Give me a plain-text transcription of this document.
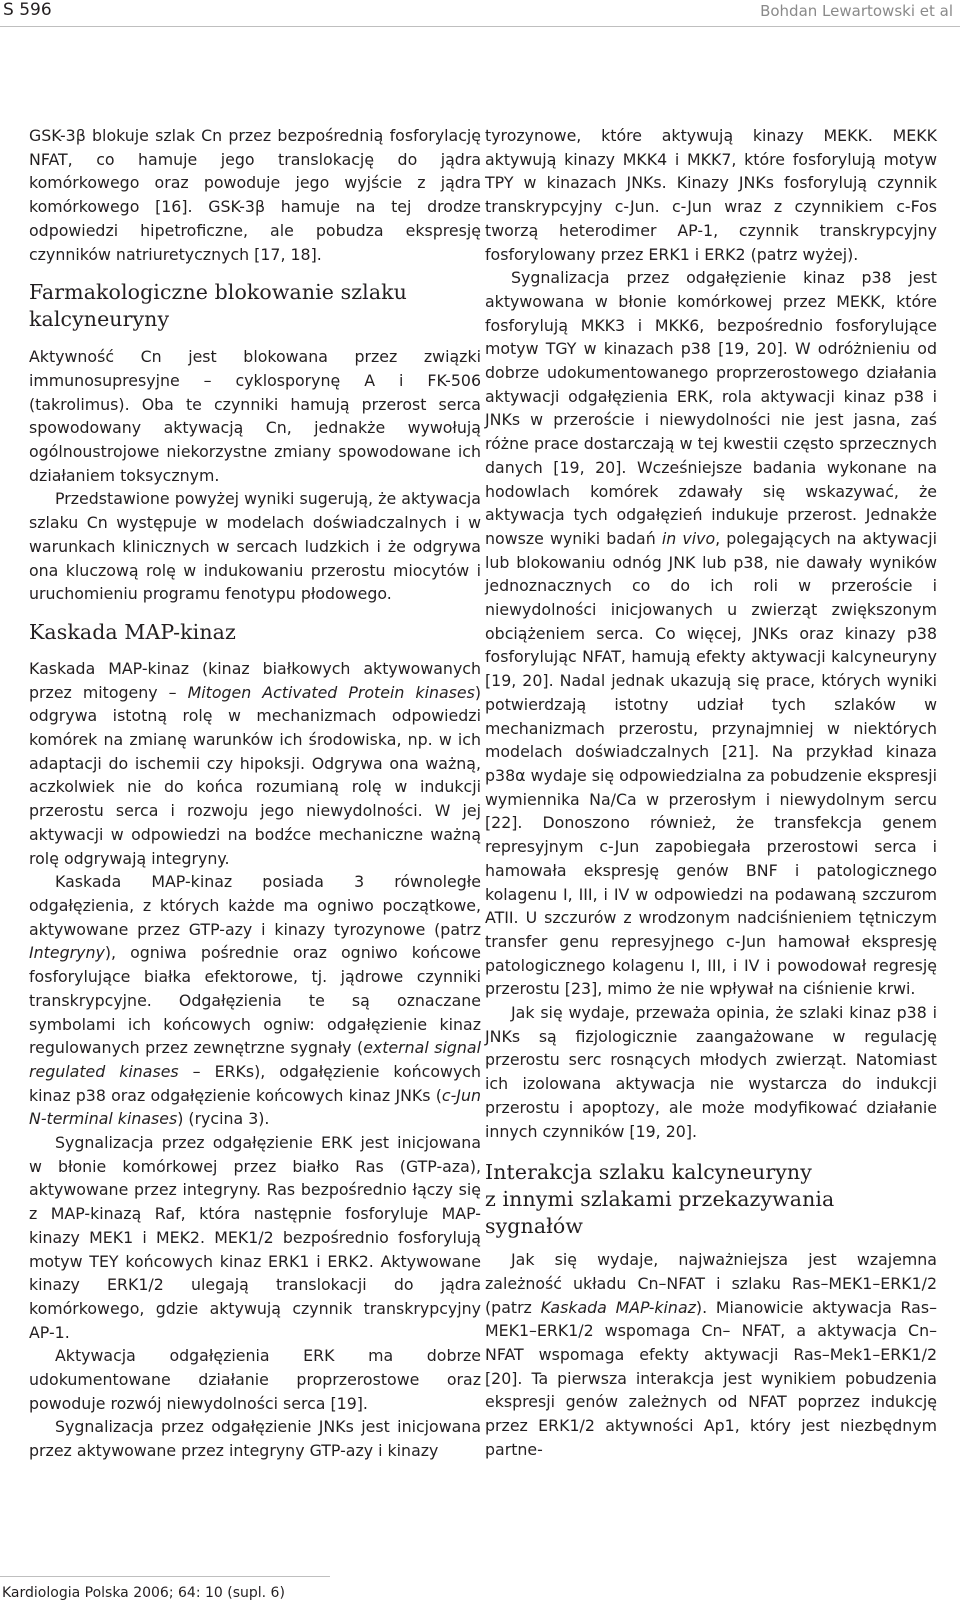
S 596	Bohdan Lewartowski et al

GSK-3β blokuje szlak Cn przez bezpośrednią fosforylację NFAT, co hamuje jego translokację do jądra komórkowego oraz powoduje jego wyjście z jądra komórkowego [16]. GSK-3β hamuje na tej drodze odpowiedzi hipetroficzne, ale pobudza ekspresję czynników natriuretycznych [17, 18].

Farmakologiczne blokowanie szlaku kalcyneuryny

Aktywność Cn jest blokowana przez związki immunosupresyjne – cyklosporynę A i FK-506 (takrolimus). Oba te czynniki hamują przerost serca spowodowany aktywacją Cn, jednakże wywołują ogólnoustrojowe niekorzystne zmiany spowodowane ich działaniem toksycznym.

Przedstawione powyżej wyniki sugerują, że aktywacja szlaku Cn występuje w modelach doświadczalnych i w warunkach klinicznych w sercach ludzkich i że odgrywa ona kluczową rolę w indukowaniu przerostu miocytów i uruchomieniu programu fenotypu płodowego.

Kaskada MAP-kinaz

Kaskada MAP-kinaz (kinaz białkowych aktywowanych przez mitogeny – Mitogen Activated Protein kinases) odgrywa istotną rolę w mechanizmach odpowiedzi komórek na zmianę warunków ich środowiska, np. w ich adaptacji do ischemii czy hipoksji. Odgrywa ona ważną, aczkolwiek nie do końca rozumianą rolę w indukcji przerostu serca i rozwoju jego niewydolności. W jej aktywacji w odpowiedzi na bodźce mechaniczne ważną rolę odgrywają integryny.

Kaskada MAP-kinaz posiada 3 równoległe odgałęzienia, z których każde ma ogniwo początkowe, aktywowane przez GTP-azy i kinazy tyrozynowe (patrz Integryny), ogniwa pośrednie oraz ogniwo końcowe fosforylujące białka efektorowe, tj. jądrowe czynniki transkrypcyjne. Odgałęzienia te są oznaczane symbolami ich końcowych ogniw: odgałęzienie kinaz regulowanych przez zewnętrzne sygnały (external signal regulated kinases – ERKs), odgałęzienie końcowych kinaz p38 oraz odgałęzienie końcowych kinaz JNKs (c-Jun N-terminal kinases) (rycina 3).

Sygnalizacja przez odgałęzienie ERK jest inicjowana w błonie komórkowej przez białko Ras (GTP-aza), aktywowane przez integryny. Ras bezpośrednio łączy się z MAP-kinazą Raf, która następnie fosforyluje MAP-kinazy MEK1 i MEK2. MEK1/2 bezpośrednio fosforylują motyw TEY końcowych kinaz ERK1 i ERK2. Aktywowane kinazy ERK1/2 ulegają translokacji do jądra komórkowego, gdzie aktywują czynnik transkrypcyjny AP-1.

Aktywacja odgałęzienia ERK ma dobrze udokumentowane działanie proprzerostowe oraz powoduje rozwój niewydolności serca [19].

Sygnalizacja przez odgałęzienie JNKs jest inicjowana przez aktywowane przez integryny GTP-azy i kinazy

tyrozynowe, które aktywują kinazy MEKK. MEKK aktywują kinazy MKK4 i MKK7, które fosforylują motyw TPY w kinazach JNKs. Kinazy JNKs fosforylują czynnik transkrypcyjny c-Jun. c-Jun wraz z czynnikiem c-Fos tworzą heterodimer AP-1, czynnik transkrypcyjny fosforylowany przez ERK1 i ERK2 (patrz wyżej).

Sygnalizacja przez odgałęzienie kinaz p38 jest aktywowana w błonie komórkowej przez MEKK, które fosforylują MKK3 i MKK6, bezpośrednio fosforylujące motyw TGY w kinazach p38 [19, 20]. W odróżnieniu od dobrze udokumentowanego proprzerostowego działania aktywacji odgałęzienia ERK, rola aktywacji kinaz p38 i JNKs w przeroście i niewydolności nie jest jasna, zaś różne prace dostarczają w tej kwestii często sprzecznych danych [19, 20]. Wcześniejsze badania wykonane na hodowlach komórek zdawały się wskazywać, że aktywacja tych odgałęzień indukuje przerost. Jednakże nowsze wyniki badań in vivo, polegających na aktywacji lub blokowaniu odnóg JNK lub p38, nie dawały wyników jednoznacznych co do ich roli w przeroście i niewydolności inicjowanych u zwierząt zwiększonym obciążeniem serca. Co więcej, JNKs oraz kinazy p38 fosforylując NFAT, hamują efekty aktywacji kalcyneuryny [19, 20]. Nadal jednak ukazują się prace, których wyniki potwierdzają istotny udział tych szlaków w mechanizmach przerostu, przynajmniej w niektórych modelach doświadczalnych [21]. Na przykład kinaza p38α wydaje się odpowiedzialna za pobudzenie ekspresji wymiennika Na/Ca w przerosłym i niewydolnym sercu [22]. Donoszono również, że transfekcja genem represyjnym c-Jun zapobiegała przerostowi serca i hamowała ekspresję genów BNF i patologicznego kolagenu I, III, i IV w odpowiedzi na podawaną szczurom ATII. U szczurów z wrodzonym nadciśnieniem tętniczym transfer genu represyjnego c-Jun hamował ekspresję patologicznego kolagenu I, III, i IV i powodował regresję przerostu [23], mimo że nie wpływał na ciśnienie krwi.

Jak się wydaje, przeważa opinia, że szlaki kinaz p38 i JNKs są fizjologicznie zaangażowane w regulację przerostu serc rosnących młodych zwierząt. Natomiast ich izolowana aktywacja nie wystarcza do indukcji przerostu i apoptozy, ale może modyfikować działanie innych czynników [19, 20].

Interakcja szlaku kalcyneuryny
z innymi szlakami przekazywania sygnałów

Jak się wydaje, najważniejsza jest wzajemna zależność układu Cn–NFAT i szlaku Ras–MEK1–ERK1/2 (patrz Kaskada MAP-kinaz). Mianowicie aktywacja Ras–MEK1–ERK1/2 wspomaga Cn– NFAT, a aktywacja Cn–NFAT wspomaga efekty aktywacji Ras–Mek1–ERK1/2 [20]. Ta pierwsza interakcja jest wynikiem pobudzenia ekspresji genów zależnych od NFAT poprzez indukcję przez ERK1/2 aktywności Ap1, który jest niezbędnym partne-

Kardiologia Polska 2006; 64: 10 (supl. 6)
